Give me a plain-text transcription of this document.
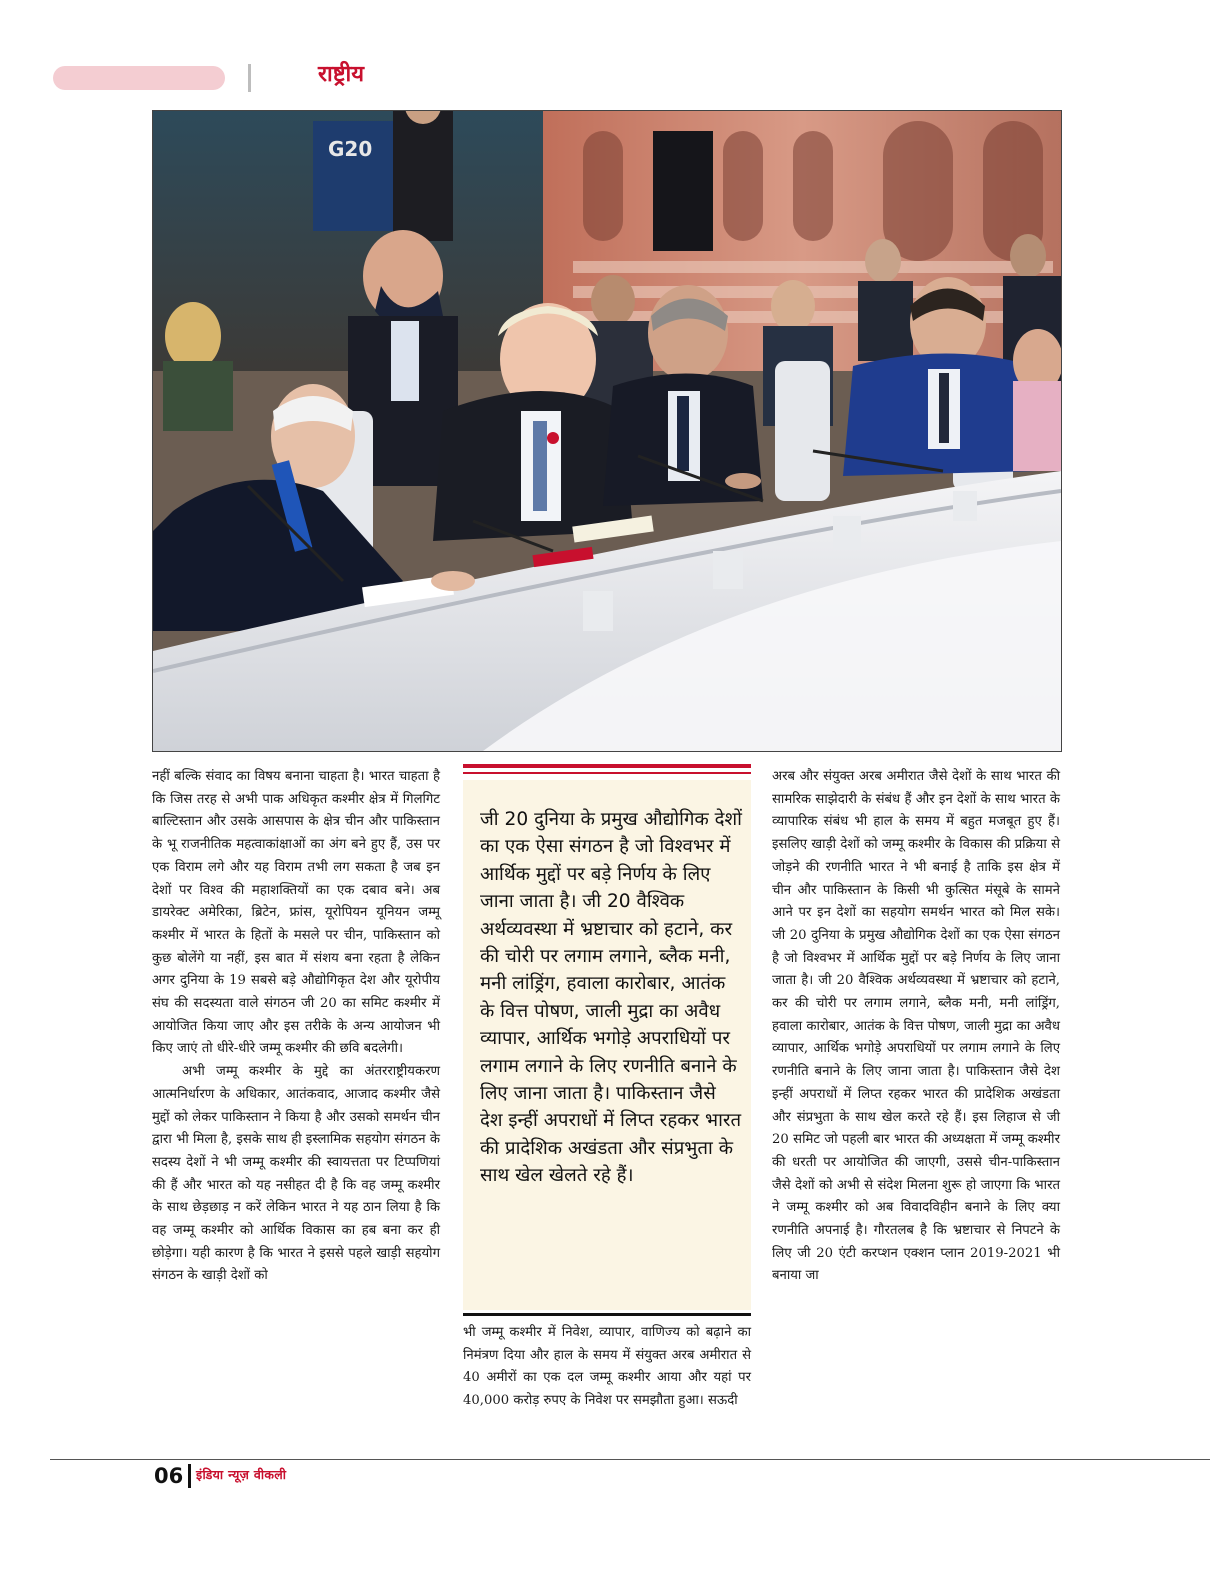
राष्ट्रीय
G20

नहीं बल्कि संवाद का विषय बनाना चाहता है। भारत चाहता है कि जिस तरह से अभी पाक अधिकृत कश्मीर क्षेत्र में गिलगिट बाल्टिस्तान और उसके आसपास के क्षेत्र चीन और पाकिस्तान के भू राजनीतिक महत्वाकांक्षाओं का अंग बने हुए हैं, उस पर एक विराम लगे और यह विराम तभी लग सकता है जब इन देशों पर विश्व की महाशक्तियों का एक दबाव बने। अब डायरेक्ट अमेरिका, ब्रिटेन, फ्रांस, यूरोपियन यूनियन जम्मू कश्मीर में भारत के हितों के मसले पर चीन, पाकिस्तान को कुछ बोलेंगे या नहीं, इस बात में संशय बना रहता है लेकिन अगर दुनिया के 19 सबसे बड़े औद्योगिकृत देश और यूरोपीय संघ की सदस्यता वाले संगठन जी 20 का समिट कश्मीर में आयोजित किया जाए और इस तरीके के अन्य आयोजन भी किए जाएं तो धीरे-धीरे जम्मू कश्मीर की छवि बदलेगी।

अभी जम्मू कश्मीर के मुद्दे का अंतरराष्ट्रीयकरण आत्मनिर्धारण के अधिकार, आतंकवाद, आजाद कश्मीर जैसे मुद्दों को लेकर पाकिस्तान ने किया है और उसको समर्थन चीन द्वारा भी मिला है, इसके साथ ही इस्लामिक सहयोग संगठन के सदस्य देशों ने भी जम्मू कश्मीर की स्वायत्तता पर टिप्पणियां की हैं और भारत को यह नसीहत दी है कि वह जम्मू कश्मीर के साथ छेड़छाड़ न करें लेकिन भारत ने यह ठान लिया है कि वह जम्मू कश्मीर को आर्थिक विकास का हब बना कर ही छोड़ेगा। यही कारण है कि भारत ने इससे पहले खाड़ी सहयोग संगठन के खाड़ी देशों को

जी 20 दुनिया के प्रमुख औद्योगिक देशों का एक ऐसा संगठन है जो विश्वभर में आर्थिक मुद्दों पर बड़े निर्णय के लिए जाना जाता है। जी 20 वैश्विक अर्थव्यवस्था में भ्रष्टाचार को हटाने, कर की चोरी पर लगाम लगाने, ब्लैक मनी, मनी लांड्रिंग, हवाला कारोबार, आतंक के वित्त पोषण, जाली मुद्रा का अवैध व्यापार, आर्थिक भगोड़े अपराधियों पर लगाम लगाने के लिए रणनीति बनाने के लिए जाना जाता है। पाकिस्तान जैसे देश इन्हीं अपराधों में लिप्त रहकर भारत की प्रादेशिक अखंडता और संप्रभुता के साथ खेल खेलते रहे हैं।

भी जम्मू कश्मीर में निवेश, व्यापार, वाणिज्य को बढ़ाने का निमंत्रण दिया और हाल के समय में संयुक्त अरब अमीरात से 40 अमीरों का एक दल जम्मू कश्मीर आया और यहां पर 40,000 करोड़ रुपए के निवेश पर समझौता हुआ। सऊदी

अरब और संयुक्त अरब अमीरात जैसे देशों के साथ भारत की सामरिक साझेदारी के संबंध हैं और इन देशों के साथ भारत के व्यापारिक संबंध भी हाल के समय में बहुत मजबूत हुए हैं। इसलिए खाड़ी देशों को जम्मू कश्मीर के विकास की प्रक्रिया से जोड़ने की रणनीति भारत ने भी बनाई है ताकि इस क्षेत्र में चीन और पाकिस्तान के किसी भी कुत्सित मंसूबे के सामने आने पर इन देशों का सहयोग समर्थन भारत को मिल सके। जी 20 दुनिया के प्रमुख औद्योगिक देशों का एक ऐसा संगठन है जो विश्वभर में आर्थिक मुद्दों पर बड़े निर्णय के लिए जाना जाता है। जी 20 वैश्विक अर्थव्यवस्था में भ्रष्टाचार को हटाने, कर की चोरी पर लगाम लगाने, ब्लैक मनी, मनी लांड्रिंग, हवाला कारोबार, आतंक के वित्त पोषण, जाली मुद्रा का अवैध व्यापार, आर्थिक भगोड़े अपराधियों पर लगाम लगाने के लिए रणनीति बनाने के लिए जाना जाता है। पाकिस्तान जैसे देश इन्हीं अपराधों में लिप्त रहकर भारत की प्रादेशिक अखंडता और संप्रभुता के साथ खेल करते रहे हैं। इस लिहाज से जी 20 समिट जो पहली बार भारत की अध्यक्षता में जम्मू कश्मीर की धरती पर आयोजित की जाएगी, उससे चीन-पाकिस्तान जैसे देशों को अभी से संदेश मिलना शुरू हो जाएगा कि भारत ने जम्मू कश्मीर को अब विवादविहीन बनाने के लिए क्या रणनीति अपनाई है। गौरतलब है कि भ्रष्टाचार से निपटने के लिए जी 20 एंटी करप्शन एक्शन प्लान 2019-2021 भी बनाया जा

06 इंडिया न्यूज़ वीकली
